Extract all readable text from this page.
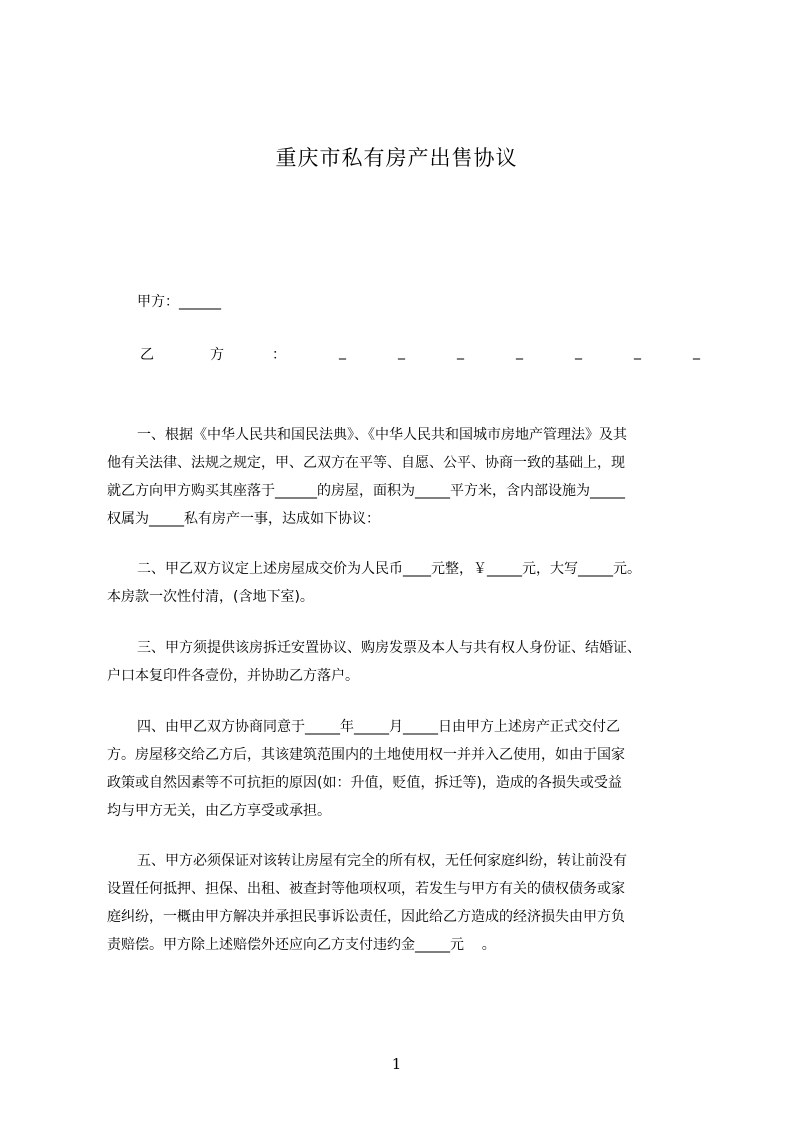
重庆市私有房产出售协议
甲方：______
乙	方	：	_	_	_	_	_	_	_
一、根据《中华人民共和国民法典》、《中华人民共和国城市房地产管理法》及其
他有关法律、法规之规定，甲、乙双方在平等、自愿、公平、协商一致的基础上，现
就乙方向甲方购买其座落于______的房屋，面积为_____平方米，含内部设施为_____
权属为_____私有房产一事，达成如下协议：
二、甲乙双方议定上述房屋成交价为人民币____元整，￥_____元，大写_____元。
本房款一次性付清，(含地下室)。
三、甲方须提供该房拆迁安置协议、购房发票及本人与共有权人身份证、结婚证、
户口本复印件各壹份，并协助乙方落户。
四、由甲乙双方协商同意于_____年_____月_____日由甲方上述房产正式交付乙
方。房屋移交给乙方后，其该建筑范围内的土地使用权一并并入乙使用，如由于国家
政策或自然因素等不可抗拒的原因(如：升值，贬值，拆迁等)，造成的各损失或受益
均与甲方无关，由乙方享受或承担。
五、甲方必须保证对该转让房屋有完全的所有权，无任何家庭纠纷，转让前没有
设置任何抵押、担保、出租、被查封等他项权项，若发生与甲方有关的债权债务或家
庭纠纷，一概由甲方解决并承担民事诉讼责任，因此给乙方造成的经济损失由甲方负
责赔偿。甲方除上述赔偿外还应向乙方支付违约金_____元    。
1
